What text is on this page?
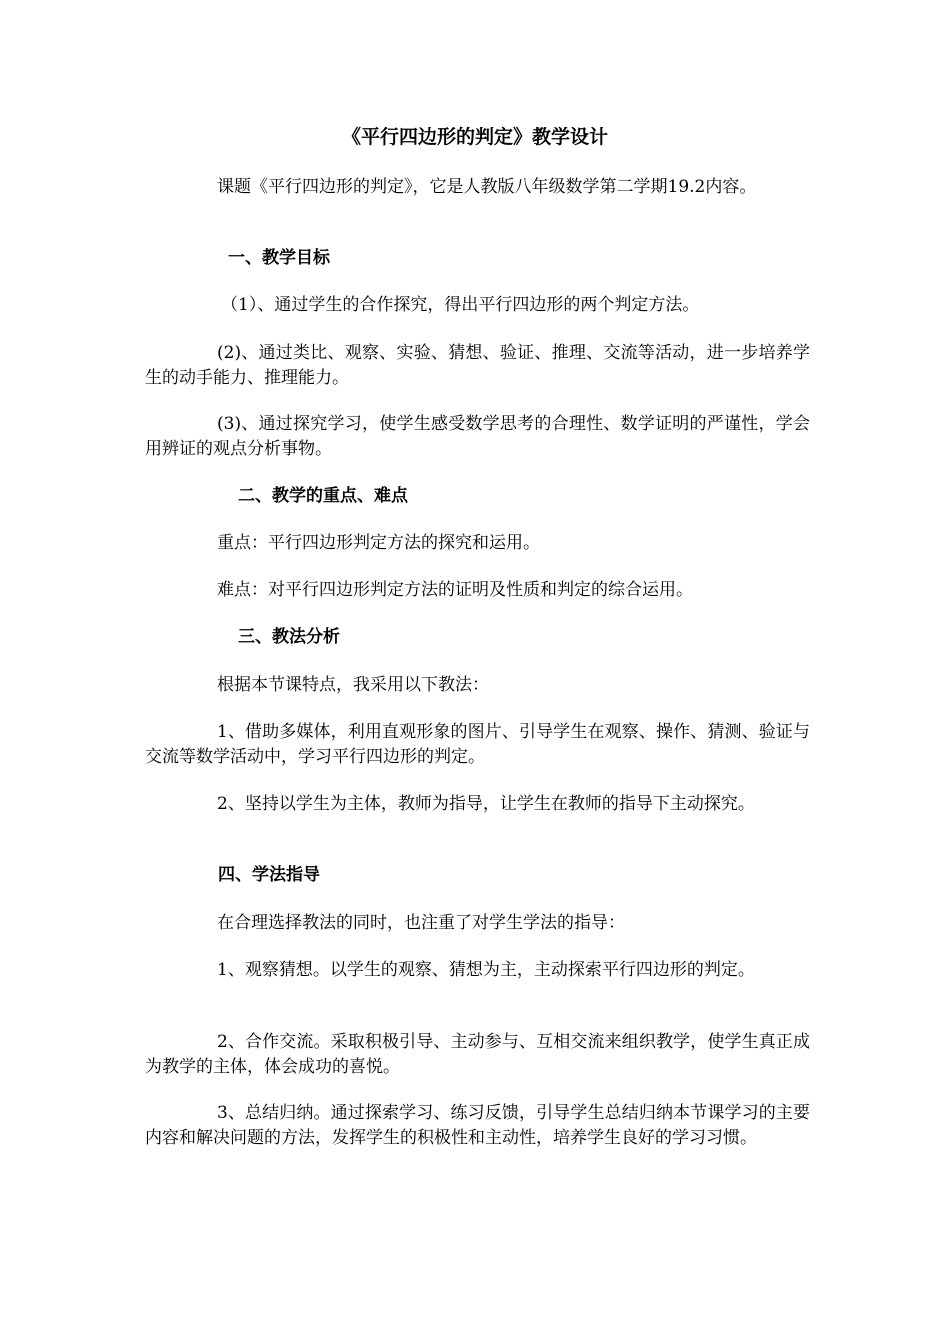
《平行四边形的判定》教学设计

课题《平行四边形的判定》，它是人教版八年级数学第二学期19.2内容。

一、教学目标

（1）、通过学生的合作探究，得出平行四边形的两个判定方法。

(2)、通过类比、观察、实验、猜想、验证、推理、交流等活动，进一步培养学生的动手能力、推理能力。

(3)、通过探究学习，使学生感受数学思考的合理性、数学证明的严谨性，学会用辨证的观点分析事物。

二、教学的重点、难点

重点：平行四边形判定方法的探究和运用。

难点：对平行四边形判定方法的证明及性质和判定的综合运用。

三、教法分析

根据本节课特点，我采用以下教法：

1、借助多媒体，利用直观形象的图片、引导学生在观察、操作、猜测、验证与交流等数学活动中，学习平行四边形的判定。

2、坚持以学生为主体，教师为指导，让学生在教师的指导下主动探究。

四、学法指导

在合理选择教法的同时，也注重了对学生学法的指导：

1、观察猜想。以学生的观察、猜想为主，主动探索平行四边形的判定。

2、合作交流。采取积极引导、主动参与、互相交流来组织教学，使学生真正成为教学的主体，体会成功的喜悦。

3、总结归纳。通过探索学习、练习反馈，引导学生总结归纳本节课学习的主要内容和解决问题的方法，发挥学生的积极性和主动性，培养学生良好的学习习惯。
